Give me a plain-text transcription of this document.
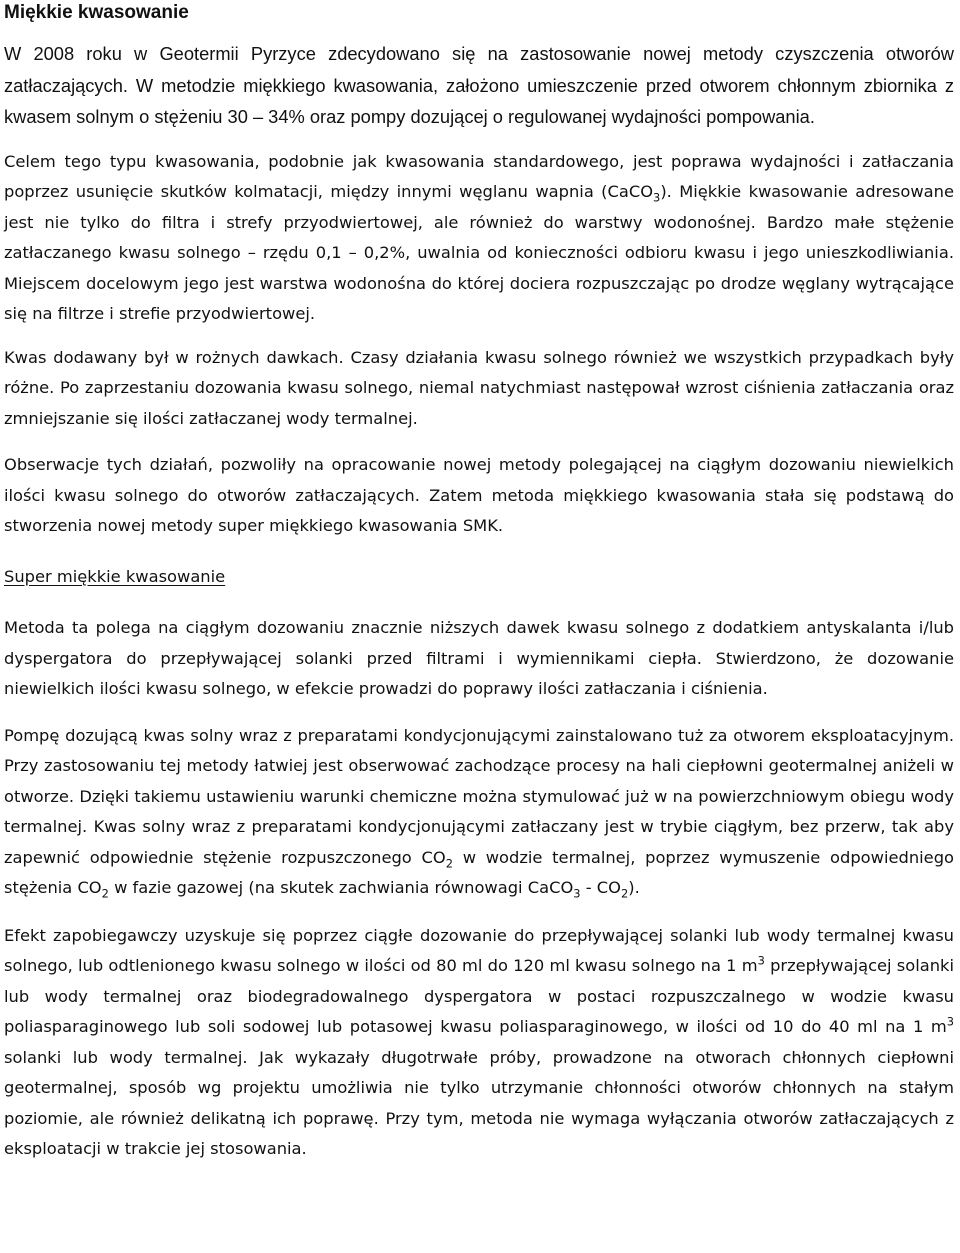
Miękkie kwasowanie

W 2008 roku w Geotermii Pyrzyce zdecydowano się na zastosowanie nowej metody czyszczenia otworów zatłaczających. W metodzie miękkiego kwasowania, założono umieszczenie przed otworem chłonnym zbiornika z kwasem solnym o stężeniu 30 – 34% oraz pompy dozującej o regulowanej wydajności pompowania.

Celem tego typu kwasowania, podobnie jak kwasowania standardowego, jest poprawa wydajności i zatłaczania poprzez usunięcie skutków kolmatacji, między innymi węglanu wapnia (CaCO$_3$). Miękkie kwasowanie adresowane jest nie tylko do filtra i strefy przyodwiertowej, ale również do warstwy wodonośnej. Bardzo małe stężenie zatłaczanego kwasu solnego – rzędu 0,1 – 0,2%, uwalnia od konieczności odbioru kwasu i jego unieszkodliwiania. Miejscem docelowym jego jest warstwa wodonośna do której dociera rozpuszczając po drodze węglany wytrącające się na filtrze i strefie przyodwiertowej.

Kwas dodawany był w rożnych dawkach. Czasy działania kwasu solnego również we wszystkich przypadkach były różne. Po zaprzestaniu dozowania kwasu solnego, niemal natychmiast następował wzrost ciśnienia zatłaczania oraz zmniejszanie się ilości zatłaczanej wody termalnej.

Obserwacje tych działań, pozwoliły na opracowanie nowej metody polegającej na ciągłym dozowaniu niewielkich ilości kwasu solnego do otworów zatłaczających. Zatem metoda miękkiego kwasowania stała się podstawą do stworzenia nowej metody super miękkiego kwasowania SMK.

Super miękkie kwasowanie

Metoda ta polega na ciągłym dozowaniu znacznie niższych dawek kwasu solnego z dodatkiem antyskalanta i/lub dyspergatora do przepływającej solanki przed filtrami i wymiennikami ciepła. Stwierdzono, że dozowanie niewielkich ilości kwasu solnego, w efekcie prowadzi do poprawy ilości zatłaczania i ciśnienia.

Pompę dozującą kwas solny wraz z preparatami kondycjonującymi zainstalowano tuż za otworem eksploatacyjnym. Przy zastosowaniu tej metody łatwiej jest obserwować zachodzące procesy na hali ciepłowni geotermalnej aniżeli w otworze. Dzięki takiemu ustawieniu warunki chemiczne można stymulować już w na powierzchniowym obiegu wody termalnej. Kwas solny wraz z preparatami kondycjonującymi zatłaczany jest w trybie ciągłym, bez przerw, tak aby zapewnić odpowiednie stężenie rozpuszczonego $CO_2$ w wodzie termalnej, poprzez wymuszenie odpowiedniego stężenia $CO_2$ w fazie gazowej (na skutek zachwiania równowagi CaCO$_3$ - $CO_2$).

Efekt zapobiegawczy uzyskuje się poprzez ciągłe dozowanie do przepływającej solanki lub wody termalnej kwasu solnego, lub odtlenionego kwasu solnego w ilości od 80 ml do 120 ml kwasu solnego na 1 $m^3$ przepływającej solanki lub wody termalnej oraz biodegradowalnego dyspergatora w postaci rozpuszczalnego w wodzie kwasu poliasparaginowego lub soli sodowej lub potasowej kwasu poliasparaginowego, w ilości od 10 do 40 ml na 1 $m^3$ solanki lub wody termalnej. Jak wykazały długotrwałe próby, prowadzone na otworach chłonnych ciepłowni geotermalnej, sposób wg projektu umożliwia nie tylko utrzymanie chłonności otworów chłonnych na stałym poziomie, ale również delikatną ich poprawę. Przy tym, metoda nie wymaga wyłączania otworów zatłaczających z eksploatacji w trakcie jej stosowania.
